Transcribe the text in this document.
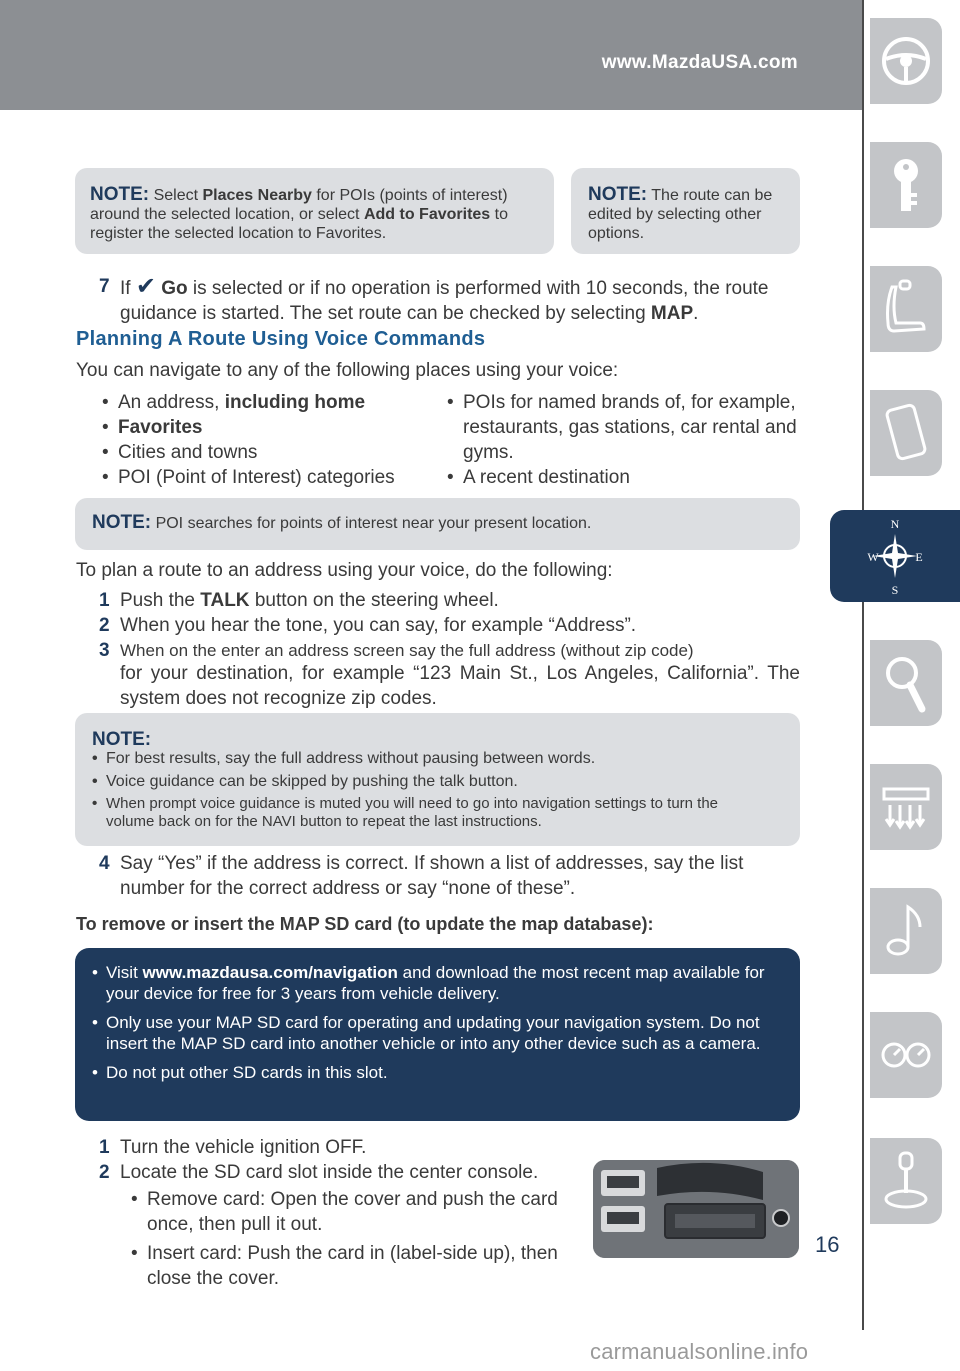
www.MazdaUSA.com
N
S
W	E

NOTE: Select Places Nearby for POIs (points of interest) around the selected location, or select Add to Favorites to register the selected location to Favorites.

NOTE: The route can be edited by selecting other options.

7 If ✔ Go is selected or if no operation is performed with 10 seconds, the route guidance is started. The set route can be checked by selecting MAP.

Planning A Route Using Voice Commands

You can navigate to any of the following places using your voice:

• An address, including home
• Favorites
• Cities and towns
• POI (Point of Interest) categories
• POIs for named brands of, for example, restaurants, gas stations, car rental and gyms.
• A recent destination

NOTE: POI searches for points of interest near your present location.

To plan a route to an address using your voice, do the following:

1 Push the TALK button on the steering wheel.

2 When you hear the tone, you can say, for example “Address”.

3 When on the enter an address screen say the full address (without zip code)

for your destination, for example “123 Main St., Los Angeles, California”. The system does not recognize zip codes.

NOTE:
• For best results, say the full address without pausing between words.
• Voice guidance can be skipped by pushing the talk button.
• When prompt voice guidance is muted you will need to go into navigation settings to turn the volume back on for the NAVI button to repeat the last instructions.
4 Say “Yes” if the address is correct. If shown a list of addresses, say the list number for the correct address or say “none of these”.

To remove or insert the MAP SD card (to update the map database):

• Visit www.mazdausa.com/navigation and download the most recent map available for your device for free for 3 years from vehicle delivery.
• Only use your MAP SD card for operating and updating your navigation system. Do not insert the MAP SD card into another vehicle or into any other device such as a camera.
• Do not put other SD cards in this slot.
1 Turn the vehicle ignition OFF.

2 Locate the SD card slot inside the center console.

• Remove card: Open the cover and push the card once, then pull it out.
• Insert card: Push the card in (label-side up), then close the cover.
16
carmanualsonline.info
